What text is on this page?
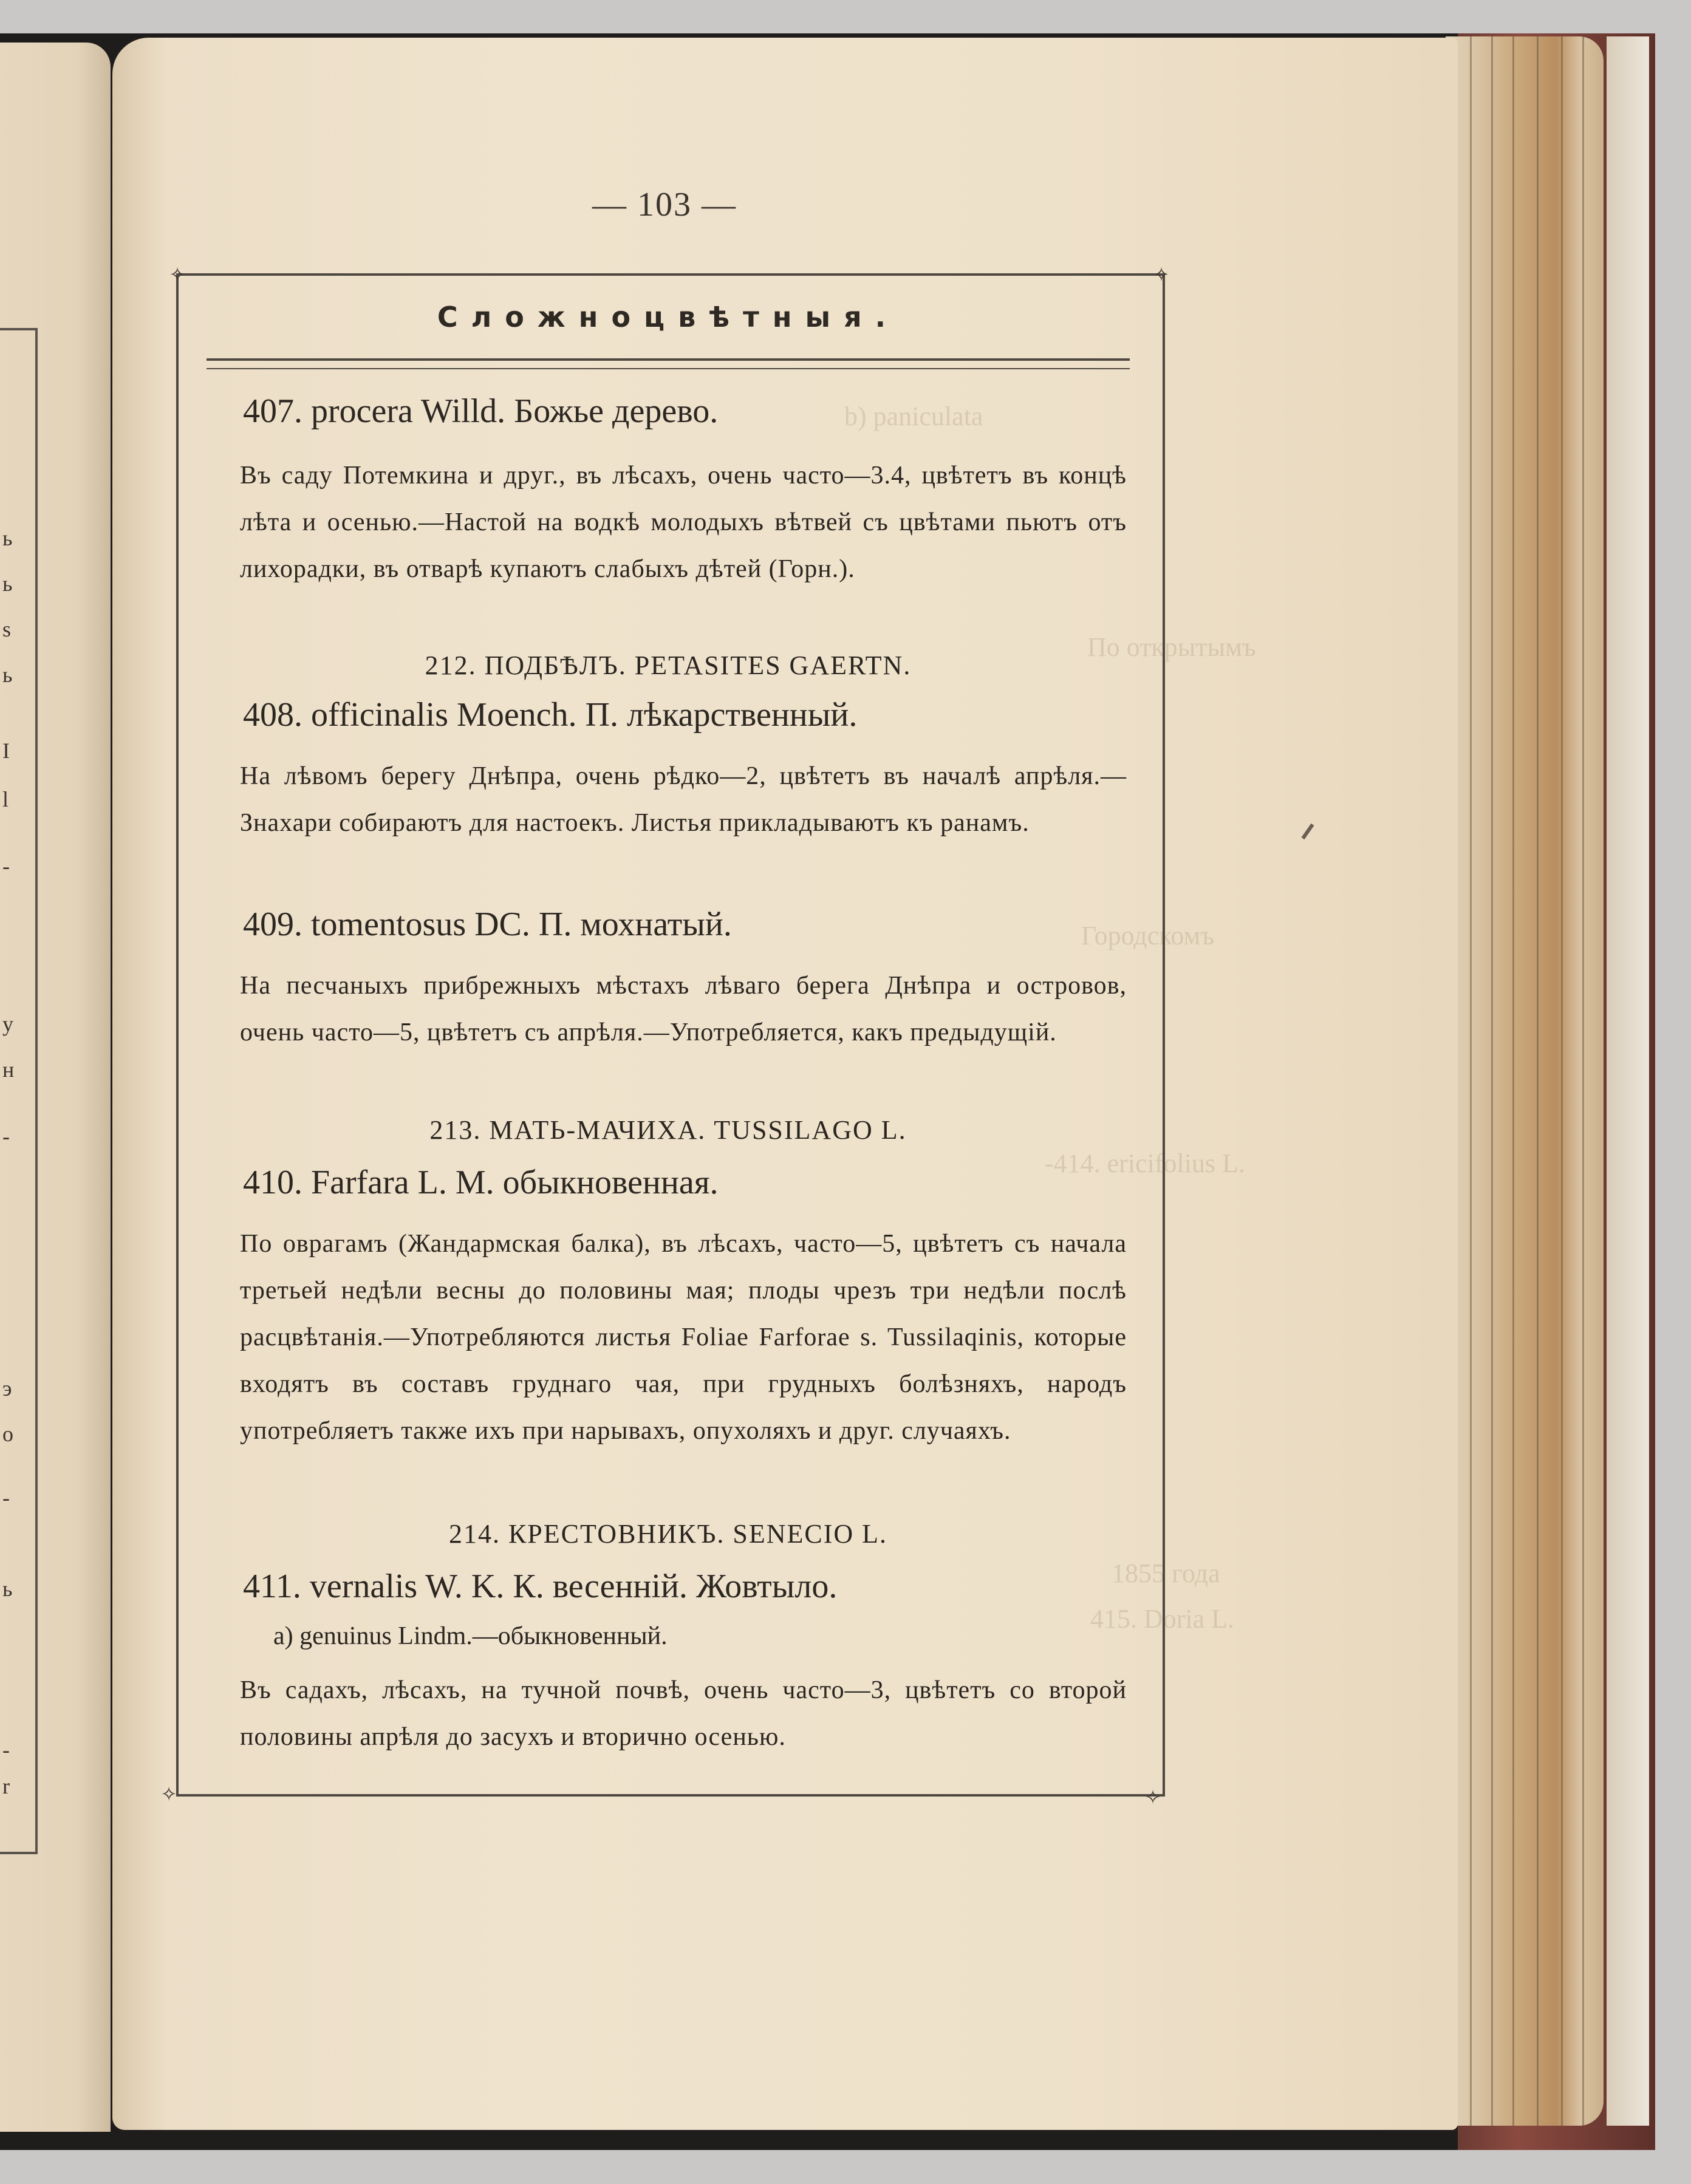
ь
ь
s
ь
I
l
-
y
н
-
э
о
-
ь
-
r
b) paniculata
По открытымъ
Городскомъ
-414. ericifolius L.
1855 года
415. Doria L.
— 103 —
✧	✧
✧	✧
Сложноцвѣтныя.
407. procera Willd. Божье дерево.
Въ саду Потемкина и друг., въ лѣсахъ, очень часто—3.4, цвѣтетъ въ концѣ лѣта и осенью.—Настой на водкѣ молодыхъ вѣтвей съ цвѣтами пьютъ отъ лихорадки, въ отварѣ купаютъ слабыхъ дѣтей (Горн.).
212. ПОДБѢЛЪ. PETASITES GAERTN.
408. officinalis Moench. П. лѣкарственный.
На лѣвомъ берегу Днѣпра, очень рѣдко—2, цвѣтетъ въ началѣ апрѣля.—Знахари собираютъ для настоекъ. Листья прикладываютъ къ ранамъ.
409. tomentosus DC. П. мохнатый.
На песчаныхъ прибрежныхъ мѣстахъ лѣваго берега Днѣпра и островов, очень часто—5, цвѣтетъ съ апрѣля.—Употребляется, какъ предыдущій.
213. МАТЬ-МАЧИХА. TUSSILAGO L.
410. Farfara L. M. обыкновенная.
По оврагамъ (Жандармская балка), въ лѣсахъ, часто—5, цвѣтетъ съ начала третьей недѣли весны до половины мая; плоды чрезъ три недѣли послѣ расцвѣтанія.—Употребляются листья Foliae Farforae s. Tussilaqinis, которые входятъ въ составъ груднаго чая, при грудныхъ болѣзняхъ, народъ употребляетъ также ихъ при нарывахъ, опухоляхъ и друг. случаяхъ.
214. КРЕСТОВНИКЪ. SENECIO L.
411. vernalis W. K. К. весенній. Жовтыло.
а) genuinus Lindm.—обыкновенный.
Въ садахъ, лѣсахъ, на тучной почвѣ, очень часто—3, цвѣтетъ со второй половины апрѣля до засухъ и вторично осенью.
